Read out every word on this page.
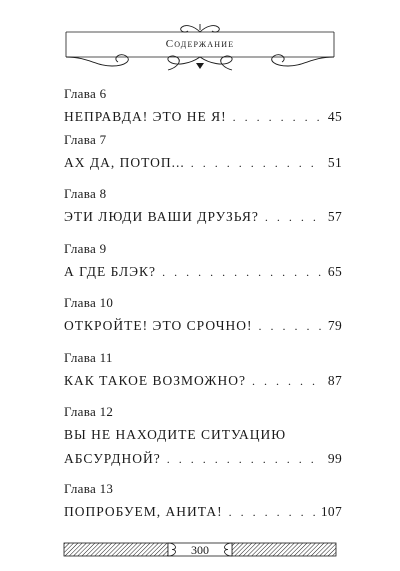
Содержание
Глава 6
НЕПРАВДА! ЭТО НЕ Я! . . .	45
Глава 7
АХ ДА, ПОТОП... . . .	51
Глава 8
ЭТИ ЛЮДИ ВАШИ ДРУЗЬЯ? . . .	57
Глава 9
А ГДЕ БЛЭК? . . .	65
Глава 10
ОТКРОЙТЕ! ЭТО СРОЧНО! . . .	79
Глава 11
КАК ТАКОЕ ВОЗМОЖНО? . . .	87
Глава 12
ВЫ НЕ НАХОДИТЕ СИТУАЦИЮ
АБСУРДНОЙ? . . .	99
Глава 13
ПОПРОБУЕМ, АНИТА! . . .	107
300
